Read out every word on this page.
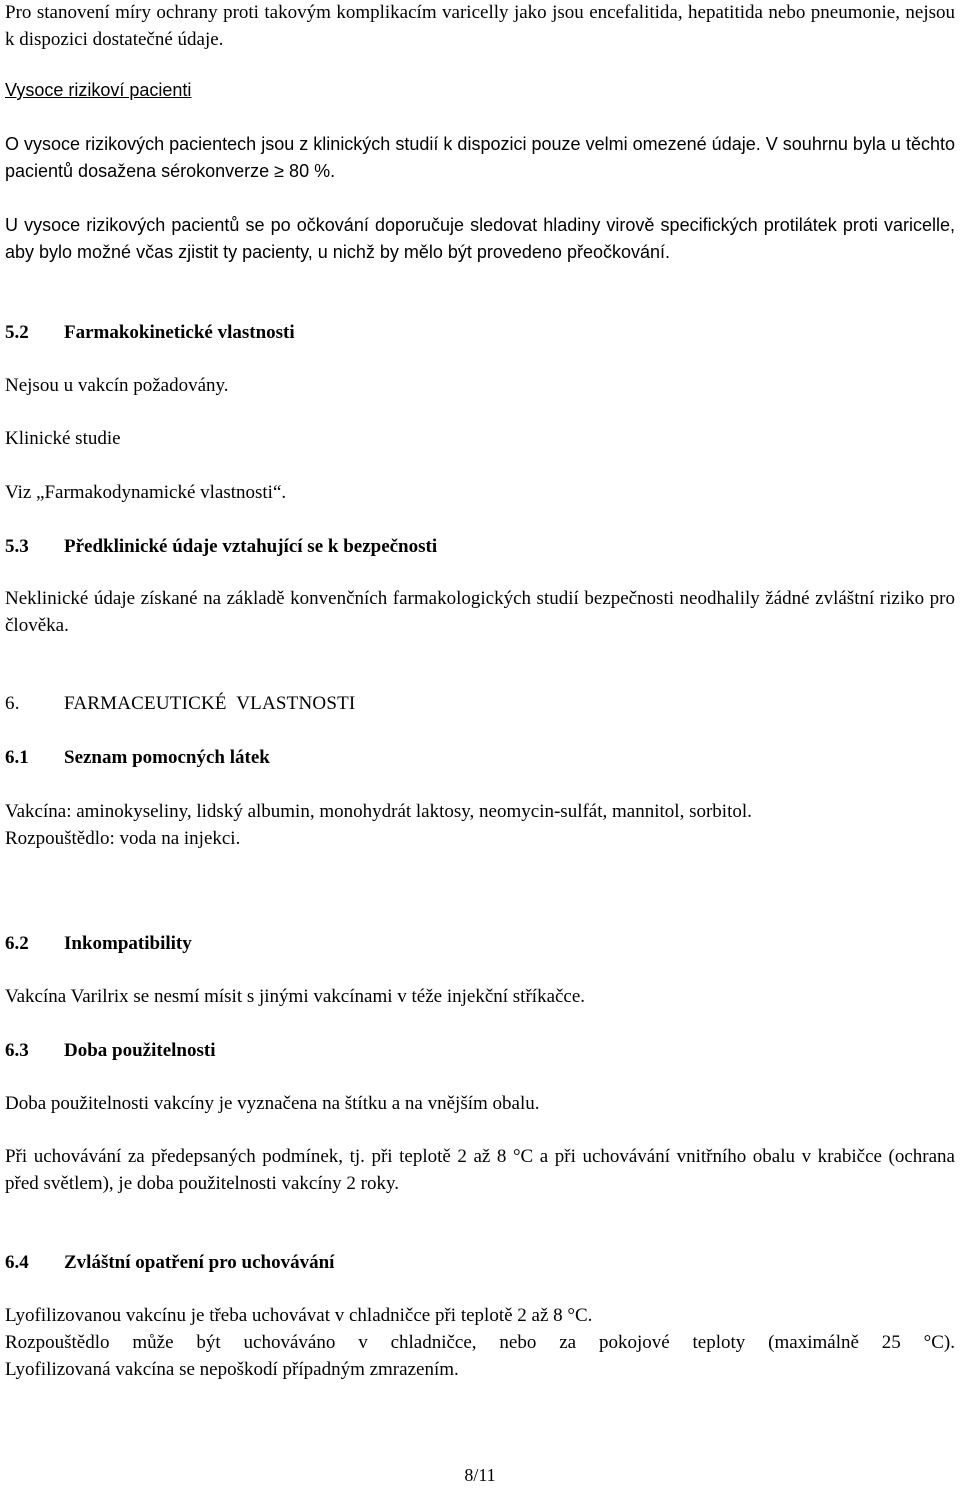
Pro stanovení míry ochrany proti takovým komplikacím varicelly jako jsou encefalitida, hepatitida nebo pneumonie, nejsou k dispozici dostatečné údaje.

Vysoce rizikoví pacienti

O vysoce rizikových pacientech jsou z klinických studií k dispozici pouze velmi omezené údaje. V souhrnu byla u těchto pacientů dosažena sérokonverze ≥ 80 %.

U vysoce rizikových pacientů se po očkování doporučuje sledovat hladiny virově specifických protilátek proti varicelle, aby bylo možné včas zjistit ty pacienty, u nichž by mělo být provedeno přeočkování.

5.2 Farmakokinetické vlastnosti

Nejsou u vakcín požadovány.

Klinické studie

Viz „Farmakodynamické vlastnosti“.

5.3 Předklinické údaje vztahující se k bezpečnosti

Neklinické údaje získané na základě konvenčních farmakologických studií bezpečnosti neodhalily žádné zvláštní riziko pro člověka.

6. FARMACEUTICKÉ  VLASTNOSTI

6.1 Seznam pomocných látek

Vakcína: aminokyseliny, lidský albumin, monohydrát laktosy, neomycin-sulfát, mannitol, sorbitol.

Rozpouštědlo: voda na injekci.

6.2 Inkompatibility

Vakcína Varilrix se nesmí mísit s jinými vakcínami v téže injekční stříkačce.

6.3 Doba použitelnosti

Doba použitelnosti vakcíny je vyznačena na štítku a na vnějším obalu.

Při uchovávání za předepsaných podmínek, tj. při teplotě 2 až 8 °C a při uchovávání vnitřního obalu v krabičce (ochrana před světlem), je doba použitelnosti vakcíny 2 roky.

6.4 Zvláštní opatření pro uchovávání

Lyofilizovanou vakcínu je třeba uchovávat v chladničce při teplotě 2 až 8 °C.

Rozpouštědlo může být uchováváno v chladničce, nebo za pokojové teploty (maximálně 25 °C).

Lyofilizovaná vakcína se nepoškodí případným zmrazením.

8/11
